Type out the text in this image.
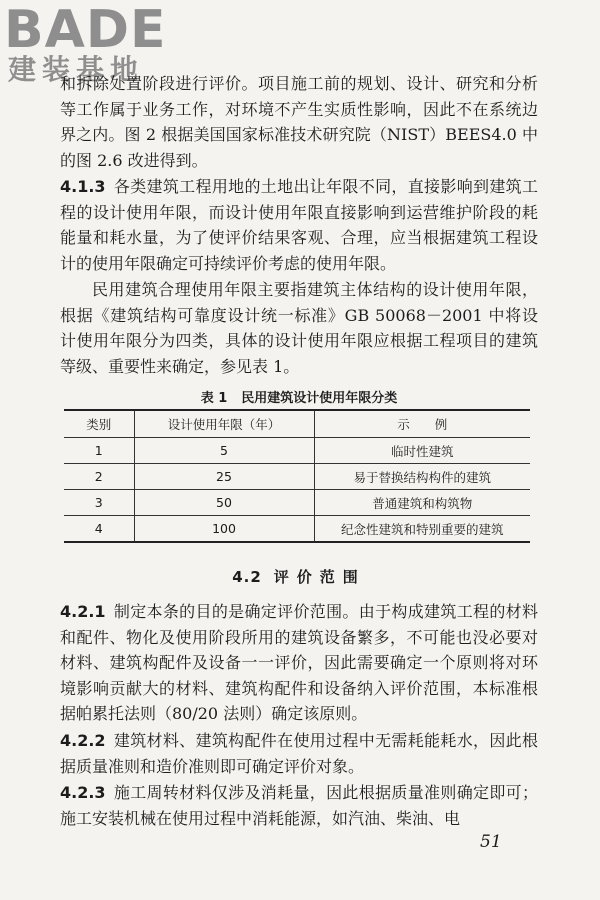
BADE
建装基地

和拆除处置阶段进行评价。项目施工前的规划、设计、研究和分析等工作属于业务工作，对环境不产生实质性影响，因此不在系统边界之内。图 2 根据美国国家标准技术研究院（NIST）BEES4.0 中的图 2.6 改进得到。

4.1.3 各类建筑工程用地的土地出让年限不同，直接影响到建筑工程的设计使用年限，而设计使用年限直接影响到运营维护阶段的耗能量和耗水量，为了使评价结果客观、合理，应当根据建筑工程设计的使用年限确定可持续评价考虑的使用年限。

民用建筑合理使用年限主要指建筑主体结构的设计使用年限，根据《建筑结构可靠度设计统一标准》GB 50068－2001 中将设计使用年限分为四类，具体的设计使用年限应根据工程项目的建筑等级、重要性来确定，参见表 1。

表 1 民用建筑设计使用年限分类
类别	设计使用年限（年）	示　　例
1	5	临时性建筑
2	25	易于替换结构构件的建筑
3	50	普通建筑和构筑物
4	100	纪念性建筑和特别重要的建筑
4.2 评价范围

4.2.1 制定本条的目的是确定评价范围。由于构成建筑工程的材料和配件、物化及使用阶段所用的建筑设备繁多，不可能也没必要对材料、建筑构配件及设备一一评价，因此需要确定一个原则将对环境影响贡献大的材料、建筑构配件和设备纳入评价范围，本标准根据帕累托法则（80/20 法则）确定该原则。

4.2.2 建筑材料、建筑构配件在使用过程中无需耗能耗水，因此根据质量准则和造价准则即可确定评价对象。

4.2.3 施工周转材料仅涉及消耗量，因此根据质量准则确定即可；施工安装机械在使用过程中消耗能源，如汽油、柴油、电

51
